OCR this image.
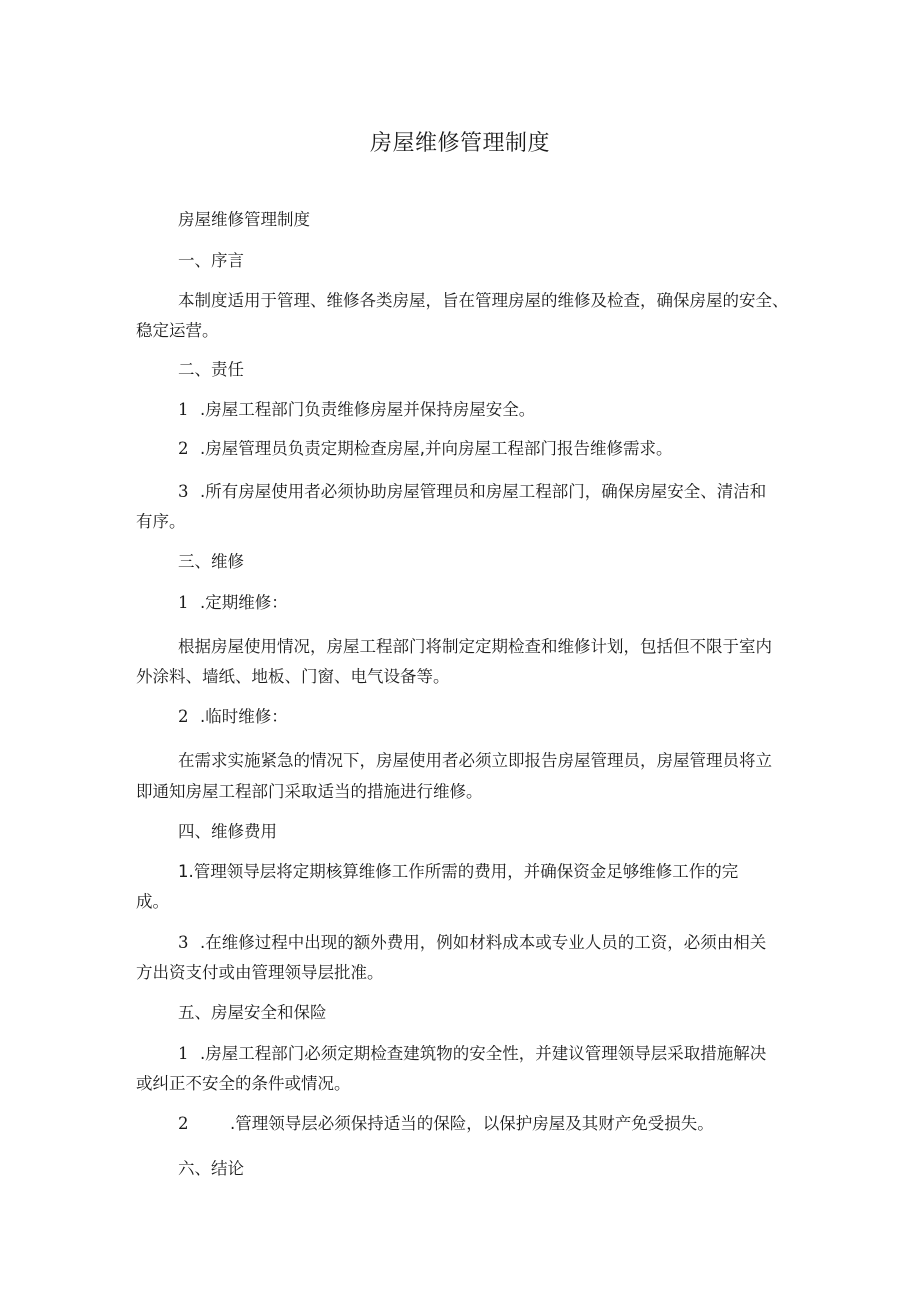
房屋维修管理制度
房屋维修管理制度
一、序言
本制度适用于管理、维修各类房屋，旨在管理房屋的维修及检查，确保房屋的安全、
稳定运营。
二、责任
1 .房屋工程部门负责维修房屋并保持房屋安全。
2 .房屋管理员负责定期检查房屋,并向房屋工程部门报告维修需求。
3 .所有房屋使用者必须协助房屋管理员和房屋工程部门，确保房屋安全、清洁和
有序。
三、维修
1 .定期维修：
根据房屋使用情况，房屋工程部门将制定定期检查和维修计划，包括但不限于室内
外涂料、墙纸、地板、门窗、电气设备等。
2 .临时维修：
在需求实施紧急的情况下，房屋使用者必须立即报告房屋管理员，房屋管理员将立
即通知房屋工程部门采取适当的措施进行维修。
四、维修费用
1.管理领导层将定期核算维修工作所需的费用，并确保资金足够维修工作的完
成。
3 .在维修过程中出现的额外费用，例如材料成本或专业人员的工资，必须由相关
方出资支付或由管理领导层批准。
五、房屋安全和保险
1 .房屋工程部门必须定期检查建筑物的安全性，并建议管理领导层采取措施解决
或纠正不安全的条件或情况。
2	.管理领导层必须保持适当的保险，以保护房屋及其财产免受损失。
六、结论
